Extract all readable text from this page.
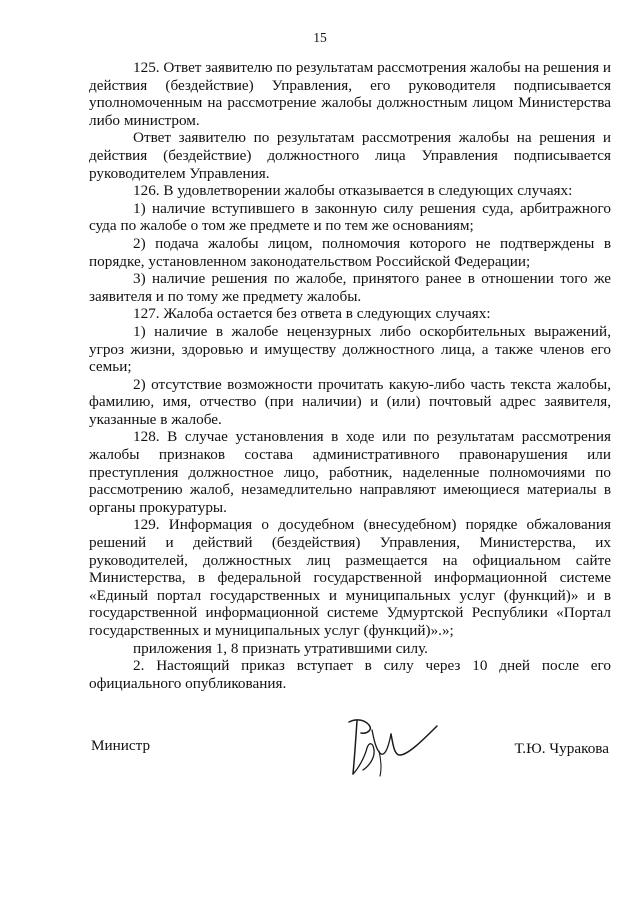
15

125. Ответ заявителю по результатам рассмотрения жалобы на решения и действия (бездействие) Управления, его руководителя подписывается уполномоченным на рассмотрение жалобы должностным лицом Министерства либо министром.

Ответ заявителю по результатам рассмотрения жалобы на решения и действия (бездействие) должностного лица Управления подписывается руководителем Управления.

126. В удовлетворении жалобы отказывается в следующих случаях:

1) наличие вступившего в законную силу решения суда, арбитражного суда по жалобе о том же предмете и по тем же основаниям;

2) подача жалобы лицом, полномочия которого не подтверждены в порядке, установленном законодательством Российской Федерации;

3) наличие решения по жалобе, принятого ранее в отношении того же заявителя и по тому же предмету жалобы.

127. Жалоба остается без ответа в следующих случаях:

1) наличие в жалобе нецензурных либо оскорбительных выражений, угроз жизни, здоровью и имуществу должностного лица, а также членов его семьи;

2) отсутствие возможности прочитать какую-либо часть текста жалобы, фамилию, имя, отчество (при наличии) и (или) почтовый адрес заявителя, указанные в жалобе.

128. В случае установления в ходе или по результатам рассмотрения жалобы признаков состава административного правонарушения или преступления должностное лицо, работник, наделенные полномочиями по рассмотрению жалоб, незамедлительно направляют имеющиеся материалы в органы прокуратуры.

129. Информация о досудебном (внесудебном) порядке обжалования решений и действий (бездействия) Управления, Министерства, их руководителей, должностных лиц размещается на официальном сайте Министерства, в федеральной государственной информационной системе «Единый портал государственных и муниципальных услуг (функций)» и в государственной информационной системе Удмуртской Республики «Портал государственных и муниципальных услуг (функций)».»;

приложения 1, 8 признать утратившими силу.

2. Настоящий приказ вступает в силу через 10 дней после его официального опубликования.

Министр	Т.Ю. Чуракова
